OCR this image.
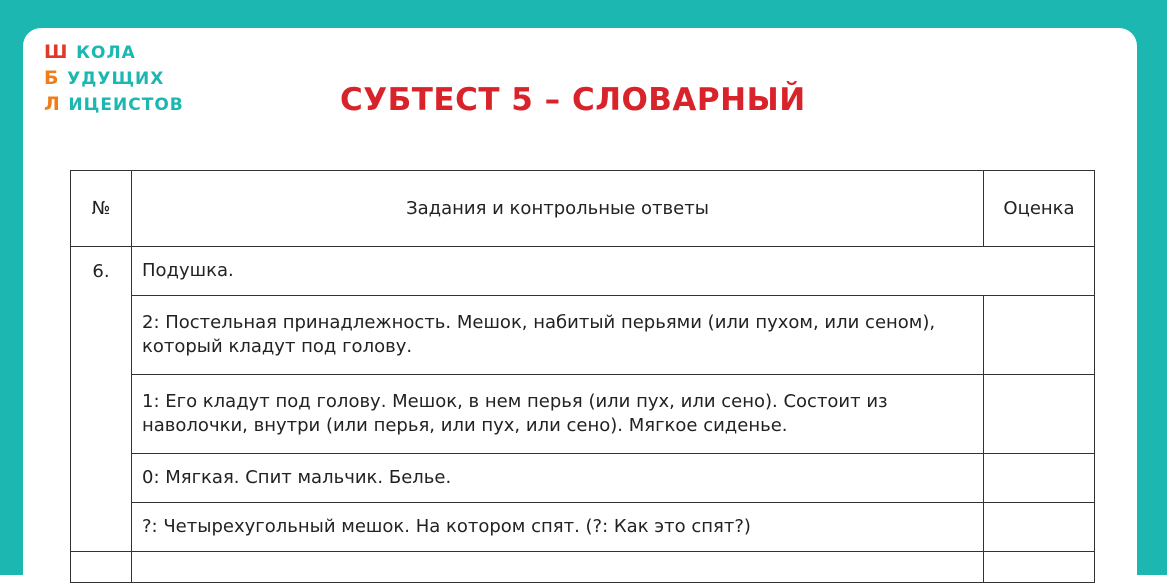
Ш КОЛА
Б УДУЩИХ
Л ИЦЕИСТОВ	СУБТЕСТ 5 – СЛОВАРНЫЙ
№	Задания и контрольные ответы	Оценка
6.	Подушка.	
	2: Постельная принадлежность. Мешок, набитый перьями (или пухом, или сеном), который кладут под голову.	
	1: Его кладут под голову. Мешок, в нем перья (или пух, или сено). Состоит из наволочки, внутри (или перья, или пух, или сено). Мягкое сиденье.	
	0: Мягкая. Спит мальчик. Белье.	
	?: Четырехугольный мешок. На котором спят. (?: Как это спят?)	
